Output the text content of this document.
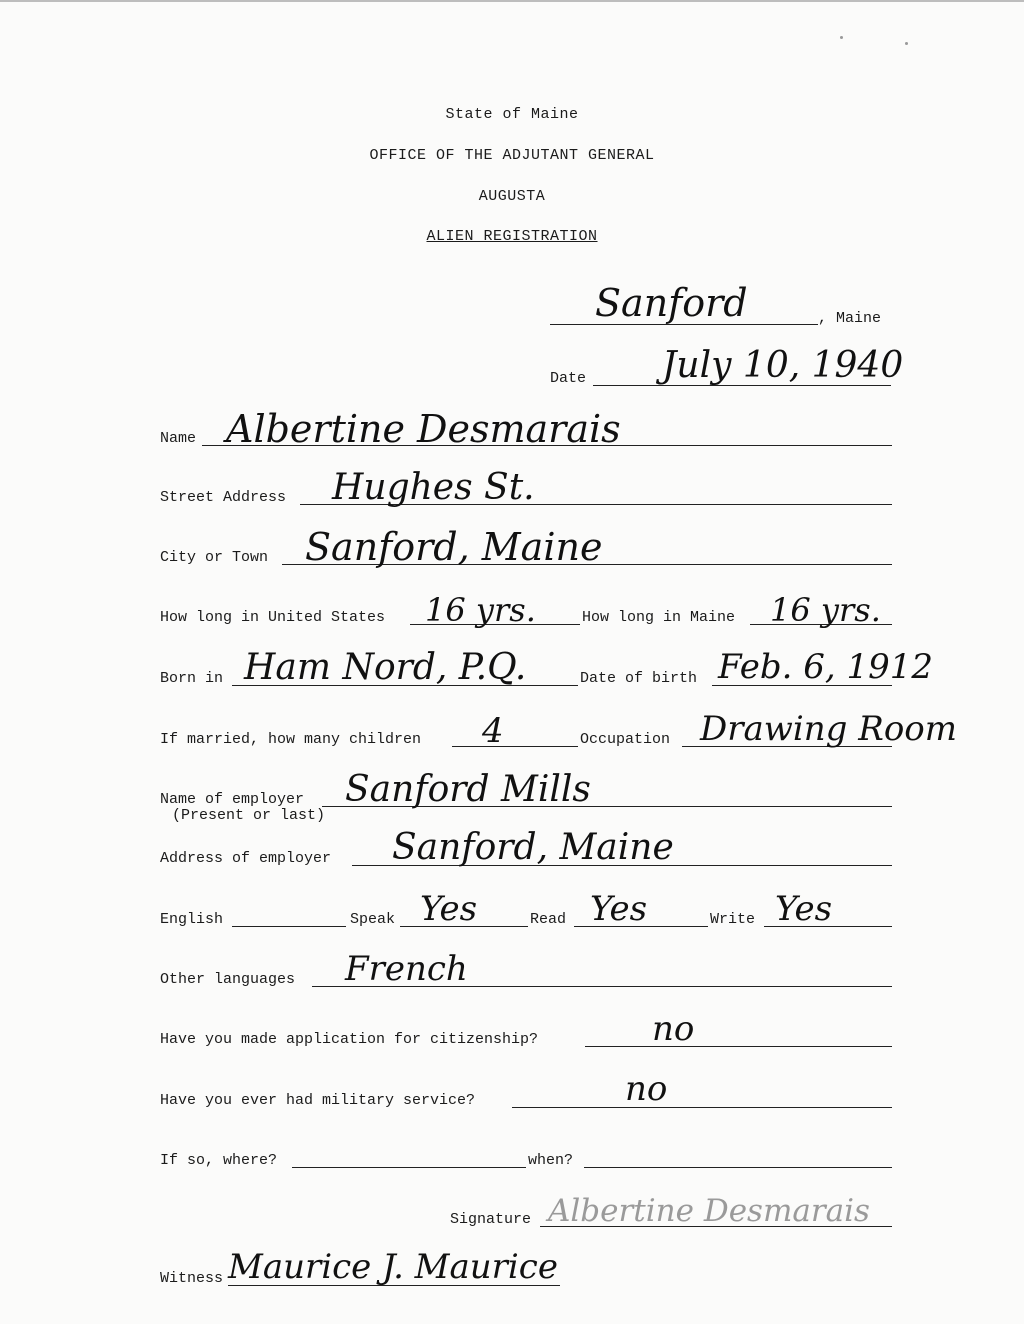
State of Maine
OFFICE OF THE ADJUTANT GENERAL
AUGUSTA
ALIEN REGISTRATION
Sanford	, Maine
Date July 10, 1940
Name Albertine Desmarais
Street Address Hughes St.
City or Town Sanford, Maine
How long in United States 16 yrs.	How long in Maine 16 yrs.
Born in Ham Nord, P.Q.	Date of birth Feb. 6, 1912
If married, how many children 4	Occupation Drawing Room
Name of employer
(Present or last)
Sanford Mills
Address of employer Sanford, Maine
English	Speak Yes	Read Yes	Write Yes
Other languages French
Have you made application for citizenship?	no
Have you ever had military service?	no
If so, where?	when?
Signature Albertine Desmarais
Witness Maurice J. Maurice
